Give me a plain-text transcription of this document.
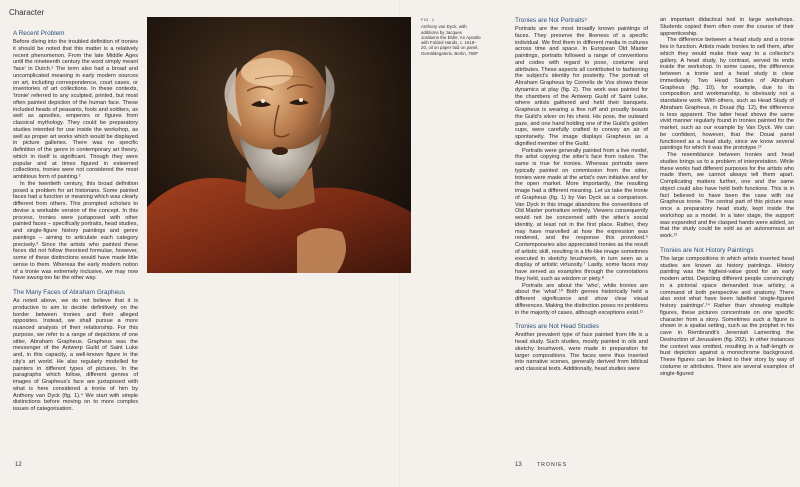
Character
A Recent Problem

Before diving into the troubled definition of tronies it should be noted that this matter is a relatively recent phenomenon. From the late Middle Ages until the nineteenth century the word simply meant 'face' in Dutch.¹ The term also had a broad and uncomplicated meaning in early modern sources on art, including correspondence, court cases, or inventories of art collections. In these contexts, 'tronie' referred to any sculpted, printed, but most often painted depiction of the human face. These included heads of peasants, fools and soldiers, as well as apostles, emperors or figures from classical mythology. They could be preparatory studies intended for use inside the workshop, as well as proper art works which would be displayed in picture galleries. There was no specific definition of the genre in contemporary art theory, which in itself is significant. Though they were popular and at times figured in esteemed collections, tronies were not considered the most ambitious form of painting.²

In the twentieth century, this broad definition posed a problem for art historians. Some painted faces had a function or meaning which was clearly different from others. This prompted scholars to devise a workable version of the concept. In this process, tronies were juxtaposed with other painted faces – specifically portraits, head studies, and single-figure history paintings and genre paintings – aiming to articulate each category precisely.³ Since the artists who painted these faces did not follow theorised formulae, however, some of these distinctions would have made little sense to them. Whereas the early modern notion of a tronie was extremely inclusive, we may now have swung too far the other way.

The Many Faces of Abraham Grapheus

As noted above, we do not believe that it is productive to aim to decide definitively on the border between tronies and their alleged opposites. Instead, we shall pursue a more nuanced analysis of their relationship. For this purpose, we refer to a range of depictions of one sitter, Abraham Grapheus. Grapheus was the messenger of the Antwerp Guild of Saint Luke and, in this capacity, a well-known figure in the city's art world. He also regularly modelled for painters in different types of pictures. In the paragraphs which follow, different genres of images of Grapheus's face are juxtaposed with what is here considered a tronie of him by Anthony van Dyck (fig. 1).⁴ We start with simple distinctions before moving on to more complex issues of categorisation.

12
FIG. 1
Anthony van Dyck, with additions by Jacques Jordaens the Elder, An Apostle with Folded Hands, c. 1618–20, oil on paper laid on panel, Gemäldegalerie, Berlin, 790F
Tronies are Not Portraits⁵

Portraits are the most broadly known paintings of faces. They preserve the likeness of a specific individual. We find them in different media in cultures across time and space. In European Old Master paintings, portraits followed a range of conventions and codes with regard to pose, costume and attributes. These aspects all contributed to fashioning the subject's identity for posterity. The portrait of Abraham Grapheus by Cornelis de Vos shows these dynamics at play (fig. 2). The work was painted for the chambers of the Antwerp Guild of Saint Luke, where artists gathered and held their banquets. Grapheus is wearing a fine ruff and proudly boasts the Guild's silver on his chest. His pose, the outward gaze, and one hand holding one of the Guild's golden cups, were carefully crafted to convey an air of spontaneity. The image displays Grapheus as a dignified member of the Guild.

Portraits were generally painted from a live model, the artist copying the sitter's face from nature. The same is true for tronies. Whereas portraits were typically painted on commission from the sitter, tronies were made at the artist's own initiative and for the open market. More importantly, the resulting image had a different meaning. Let us take the tronie of Grapheus (fig. 1) by Van Dyck as a comparison. Van Dyck in this image abandons the conventions of Old Master portraiture entirely. Viewers consequently would not be concerned with the sitter's social identity, at least not in the first place. Rather, they may have marvelled at how the expression was rendered, and the response this provoked.⁶ Contemporaries also appreciated tronies as the result of artistic skill, resulting in a life-like image sometimes executed in sketchy brushwork, in turn seen as a display of artistic virtuosity.⁷ Lastly, some faces may have served as examples through the connotations they held, such as wisdom or piety.⁸

Portraits are about the 'who', while tronies are about the 'what'.¹⁰ Both genres historically held a different significance and show clear visual differences. Making the distinction poses no problems in the majority of cases, although exceptions exist.¹¹

Tronies are Not Head Studies

Another prevalent type of face painted from life is a head study. Such studies, mostly painted in oils and sketchy brushwork, were made in preparation for larger compositions. The faces were thus inserted into narrative scenes, generally derived from biblical and classical texts. Additionally, head studies were

an important didactical tool in large workshops. Students copied them often over the course of their apprenticeship.

The difference between a head study and a tronie lies in function. Artists made tronies to sell them, after which they would make their way to a collector's gallery. A head study, by contrast, served its ends inside the workshop. In some cases, the difference between a tronie and a head study is clear immediately. Two Head Studies of Abraham Grapheus (fig. 10), for example, due to its composition and workmanship, is obviously not a standalone work. With others, such as Head Study of Abraham Grapheus, in Douai (fig. 12), the difference is less apparent. The latter head shows the same vivid manner regularly found in tronies painted for the market, such as our example by Van Dyck. We can be confident, however, that the Douai panel functioned as a head study, since we know several paintings for which it was the prototype.¹²

The resemblance between tronies and head studies brings us to a problem of interpretation. While these works had different purposes for the artists who made them, we cannot always tell them apart. Complicating matters further, one and the same object could also have held both functions. This is in fact believed to have been the case with our Grapheus tronie. The central part of this picture was once a preparatory head study, kept inside the workshop as a model. In a later stage, the support was expanded and the clasped hands were added, so that the study could be sold as an autonomous art work.¹³

Tronies are Not History Paintings

The large compositions in which artists inserted head studies are known as history paintings. History painting was the highest-value good for an early modern artist. Depicting different people convincingly in a pictorial space demanded true artistry, a command of both perspective and anatomy. There also exist what have been labelled 'single-figured history paintings'.¹⁴ Rather than showing multiple figures, these pictures concentrate on one specific character from a story. Sometimes such a figure is shown in a spatial setting, such as the prophet in his cave in Rembrandt's Jeremiah Lamenting the Destruction of Jerusalem (fig. 202). In other instances the context was omitted, resulting in a half-length or bust depiction against a monochrome background. These figures can be linked to their story by way of costume or attributes. There are several examples of single-figured

13	TRONIES
